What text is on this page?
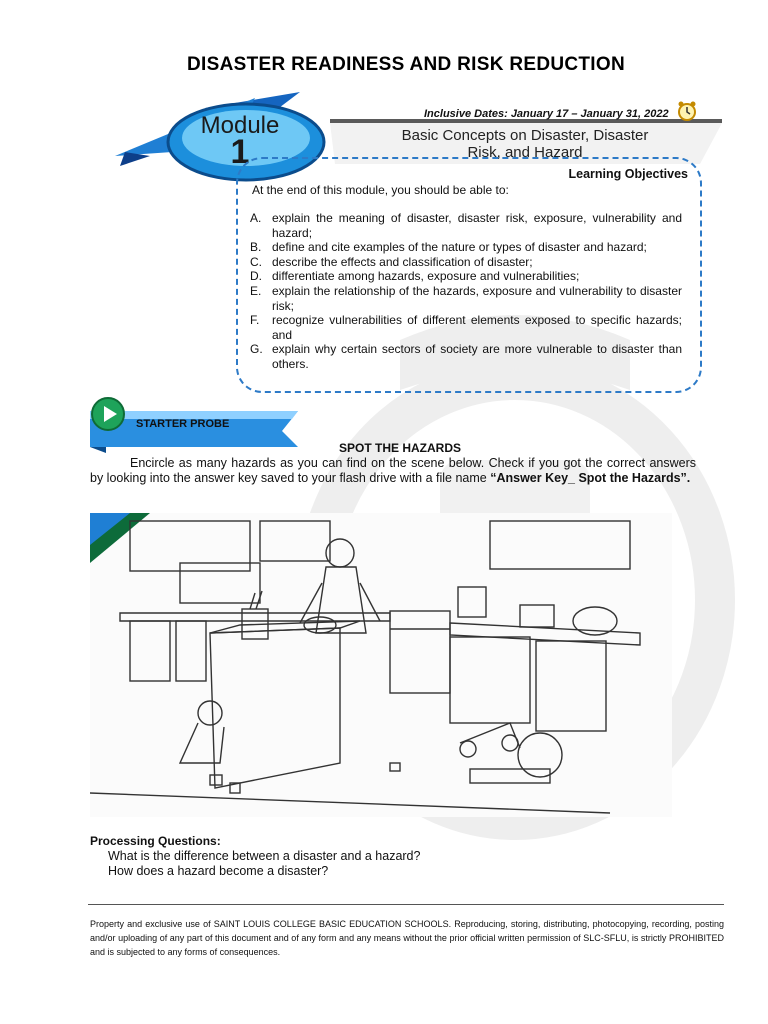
DISASTER READINESS AND RISK REDUCTION
Inclusive Dates: January 17 – January 31, 2022
Module
1	Basic Concepts on Disaster, Disaster
Risk, and Hazard
Learning Objectives
At the end of this module, you should be able to:
A. explain the meaning of disaster, disaster risk, exposure, vulnerability and hazard;
B. define and cite examples of the nature or types of disaster and hazard;
C. describe the effects and classification of disaster;
D. differentiate among hazards, exposure and vulnerabilities;
E. explain the relationship of the hazards, exposure and vulnerability to disaster risk;
F.	recognize vulnerabilities of different elements exposed to specific hazards; and
G. explain why certain sectors of society are more vulnerable to disaster than others.
STARTER PROBE
SPOT THE HAZARDS
Encircle as many hazards as you can find on the scene below. Check if you got the correct answers by looking into the answer key saved to your flash drive with a file name “Answer Key_ Spot the Hazards”.
Processing Questions:
What is the difference between a disaster and a hazard?
How does a hazard become a disaster?
Property and exclusive use of SAINT LOUIS COLLEGE BASIC EDUCATION SCHOOLS. Reproducing, storing, distributing, photocopying, recording, posting and/or uploading of any part of this document and of any form and any means without the prior official written permission of SLC-SFLU, is strictly PROHIBITED and is subjected to any forms of consequences.
